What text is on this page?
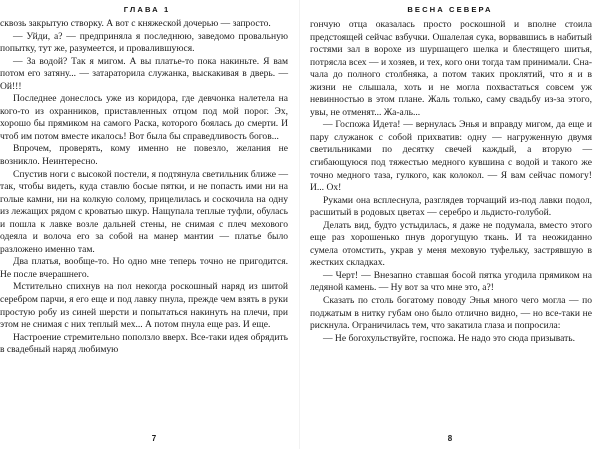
ГЛАВА 1

сквозь закрытую створку. А вот с княжеской дочерью — запросто.

— Уйди, а? — предприняла я последнюю, заведомо провальную попытку, тут же, разумеется, и провалившуюся.

— За водой? Так я мигом. А вы платье-то пока накиньте. Я вам потом его затяну... — затараторила служанка, выскакивая в дверь. — Ой!!!

Последнее донеслось уже из коридора, где девчонка налетела на кого-то из охранников, приставленных отцом под мой порог. Эх, хорошо бы прямиком на самого Раска, которого боялась до смерти. И чтоб им потом вместе икалось! Вот была бы справедливость богов...

Впрочем, проверять, кому именно не повезло, желания не возникло. Неинтересно.

Спустив ноги с высокой постели, я подтянула светильник ближе — так, чтобы видеть, куда ставлю босые пятки, и не попасть ими ни на голые камни, ни на колкую солому, прицелилась и соскочила на одну из лежащих рядом с кроватью шкур. Нащупала теплые туфли, обулась и пошла к лавке возле дальней стены, не снимая с плеч мехового одеяла и волоча его за собой на манер мантии — платье было разложено именно там.

Два платья, вообще-то. Но одно мне теперь точно не пригодится. Не после вчерашнего.

Мстительно спихнув на пол некогда роскошный наряд из шитой серебром парчи, я его еще и под лавку пнула, прежде чем взять в руки простую робу из синей шерсти и попытаться накинуть на плечи, при этом не снимая с них теплый мех... А потом пнула еще раз. И еще.

Настроение стремительно поползло вверх. Все-таки идея обрядить в свадебный наряд любимую

7
ВЕСНА СЕВЕРА

гончую отца оказалась просто роскошной и вполне стоила предстоящей сейчас взбучки. Ошалелая сука, ворвавшись в набитый гостями зал в ворохе из шуршащего шелка и блестящего шитья, потрясла всех — и хозяев, и тех, кого они тогда там принимали. Сначала до полного столбняка, а потом таких проклятий, что я и в жизни не слышала, хоть и не могла похвастаться совсем уж невинностью в этом плане. Жаль только, саму свадьбу из-за этого, увы, не отменят... Жа-аль...

— Госпожа Идета! — вернулась Энья и вправду мигом, да еще и пару служанок с собой прихватив: одну — нагруженную двумя светильниками по десятку свечей каждый, а вторую — сгибающуюся под тяжестью медного кувшина с водой и такого же точно медного таза, гулкого, как колокол. — Я вам сейчас помогу! И... Ох!

Руками она всплеснула, разглядев торчащий из-под лавки подол, расшитый в родовых цветах — серебро и льдисто-голубой.

Делать вид, будто устыдилась, я даже не подумала, вместо этого еще раз хорошенько пнув дорогущую ткань. И та неожиданно сумела отомстить, украв у меня меховую туфельку, застрявшую в жестких складках.

— Черт! — Внезапно ставшая босой пятка угодила прямиком на ледяной камень. — Ну вот за что мне это, а?!

Сказать по столь богатому поводу Энья много чего могла — по поджатым в нитку губам оно было отлично видно, — но все-таки не рискнула. Ограничилась тем, что закатила глаза и попросила:

— Не богохульствуйте, госпожа. Не надо это сюда призывать.

8
